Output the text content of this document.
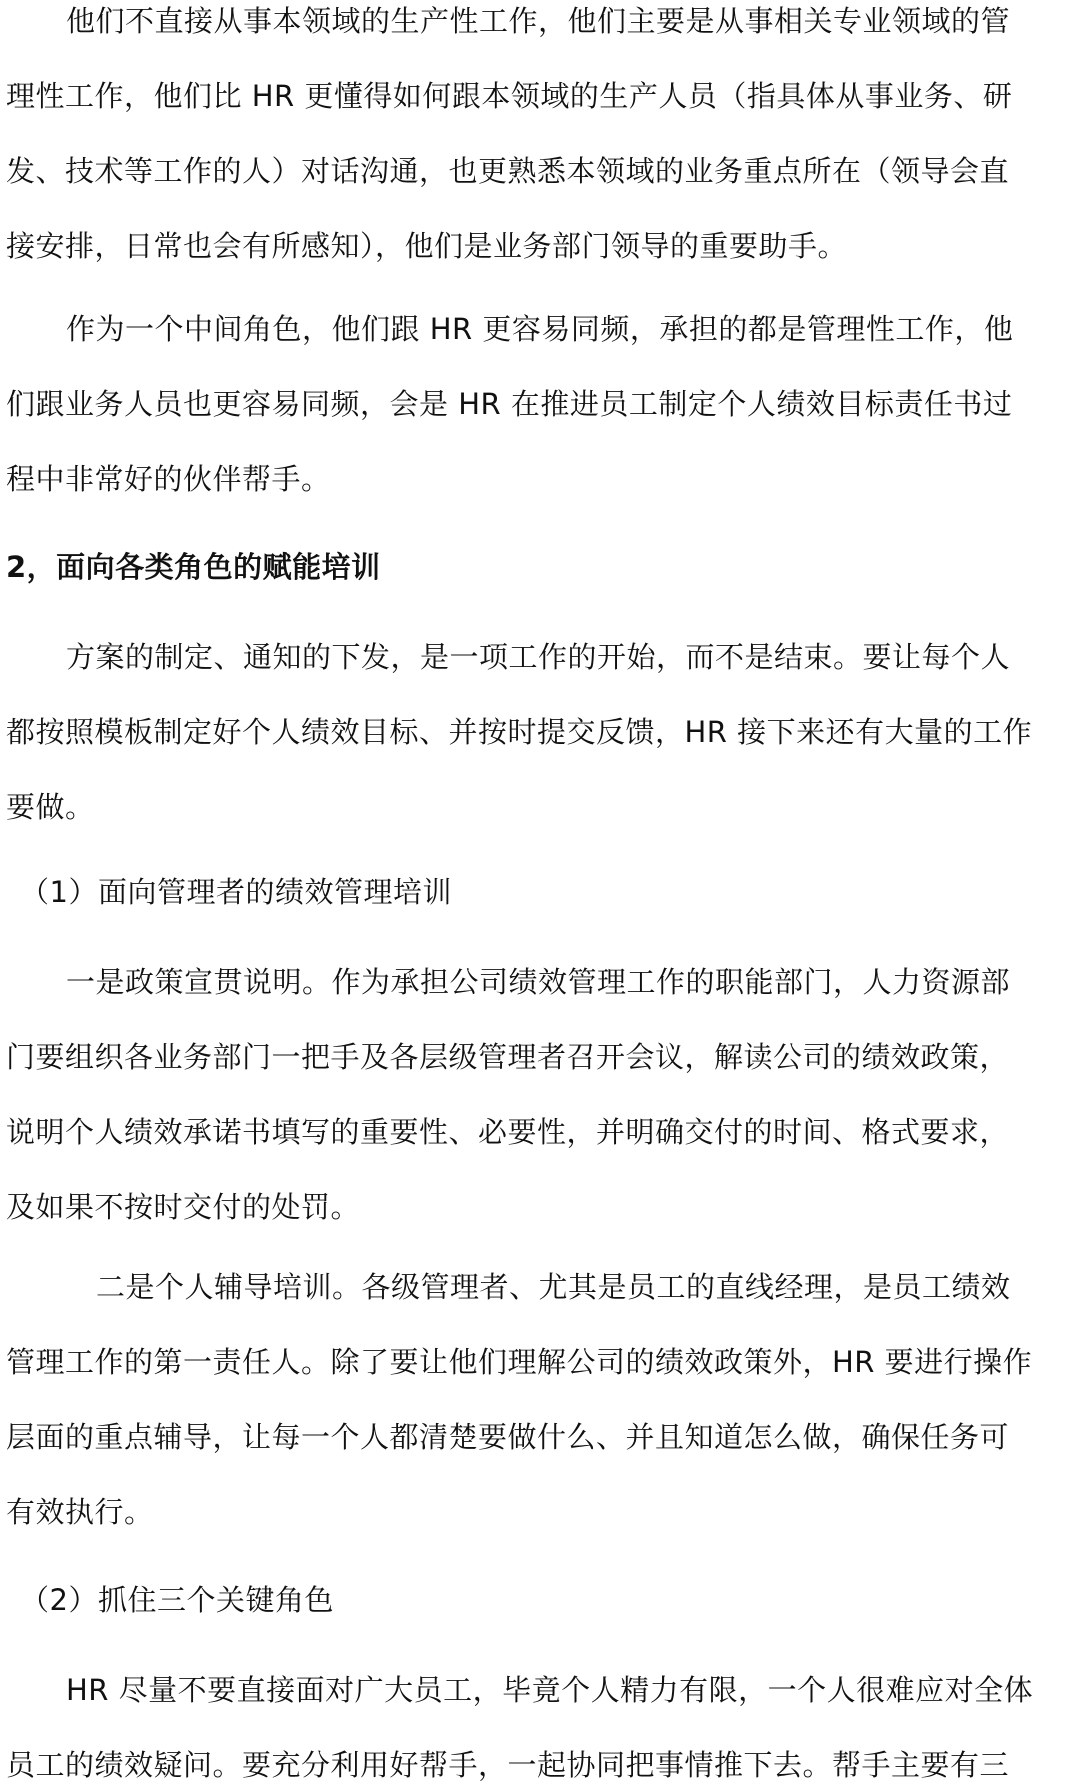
他们不直接从事本领域的生产性工作，他们主要是从事相关专业领域的管
理性工作，他们比 HR 更懂得如何跟本领域的生产人员（指具体从事业务、研
发、技术等工作的人）对话沟通，也更熟悉本领域的业务重点所在（领导会直
接安排，日常也会有所感知），他们是业务部门领导的重要助手。
作为一个中间角色，他们跟 HR 更容易同频，承担的都是管理性工作，他
们跟业务人员也更容易同频，会是 HR 在推进员工制定个人绩效目标责任书过
程中非常好的伙伴帮手。
2，面向各类角色的赋能培训
方案的制定、通知的下发，是一项工作的开始，而不是结束。要让每个人
都按照模板制定好个人绩效目标、并按时提交反馈，HR 接下来还有大量的工作
要做。
（1）面向管理者的绩效管理培训
一是政策宣贯说明。作为承担公司绩效管理工作的职能部门，人力资源部
门要组织各业务部门一把手及各层级管理者召开会议，解读公司的绩效政策，
说明个人绩效承诺书填写的重要性、必要性，并明确交付的时间、格式要求，
及如果不按时交付的处罚。
二是个人辅导培训。各级管理者、尤其是员工的直线经理，是员工绩效
管理工作的第一责任人。除了要让他们理解公司的绩效政策外，HR 要进行操作
层面的重点辅导，让每一个人都清楚要做什么、并且知道怎么做，确保任务可
有效执行。
（2）抓住三个关键角色
HR 尽量不要直接面对广大员工，毕竟个人精力有限，一个人很难应对全体
员工的绩效疑问。要充分利用好帮手，一起协同把事情推下去。帮手主要有三
